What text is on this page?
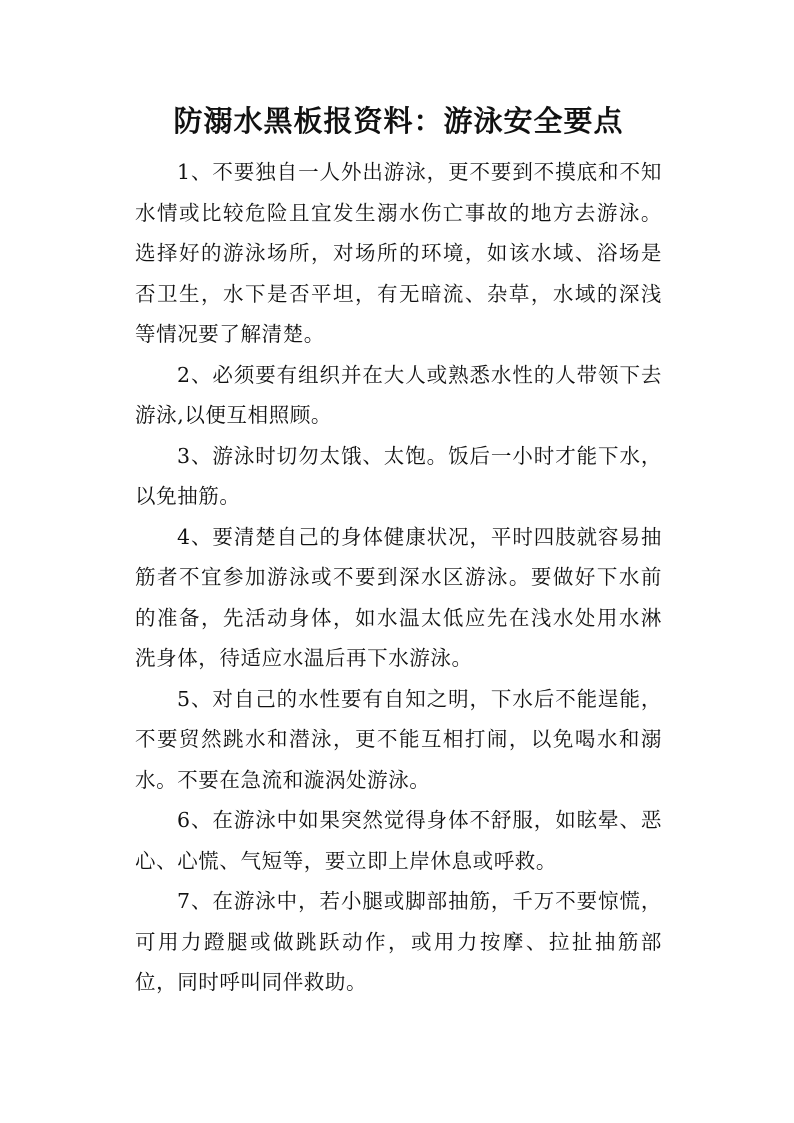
防溺水黑板报资料：游泳安全要点

1、不要独自一人外出游泳，更不要到不摸底和不知水情或比较危险且宜发生溺水伤亡事故的地方去游泳。选择好的游泳场所，对场所的环境，如该水域、浴场是否卫生，水下是否平坦，有无暗流、杂草，水域的深浅等情况要了解清楚。

2、必须要有组织并在大人或熟悉水性的人带领下去游泳,以便互相照顾。

3、游泳时切勿太饿、太饱。饭后一小时才能下水，以免抽筋。

4、要清楚自己的身体健康状况，平时四肢就容易抽筋者不宜参加游泳或不要到深水区游泳。要做好下水前的准备，先活动身体，如水温太低应先在浅水处用水淋洗身体，待适应水温后再下水游泳。

5、对自己的水性要有自知之明，下水后不能逞能，不要贸然跳水和潜泳，更不能互相打闹，以免喝水和溺水。不要在急流和漩涡处游泳。

6、在游泳中如果突然觉得身体不舒服，如眩晕、恶心、心慌、气短等，要立即上岸休息或呼救。

7、在游泳中，若小腿或脚部抽筋，千万不要惊慌，可用力蹬腿或做跳跃动作，或用力按摩、拉扯抽筋部位，同时呼叫同伴救助。
